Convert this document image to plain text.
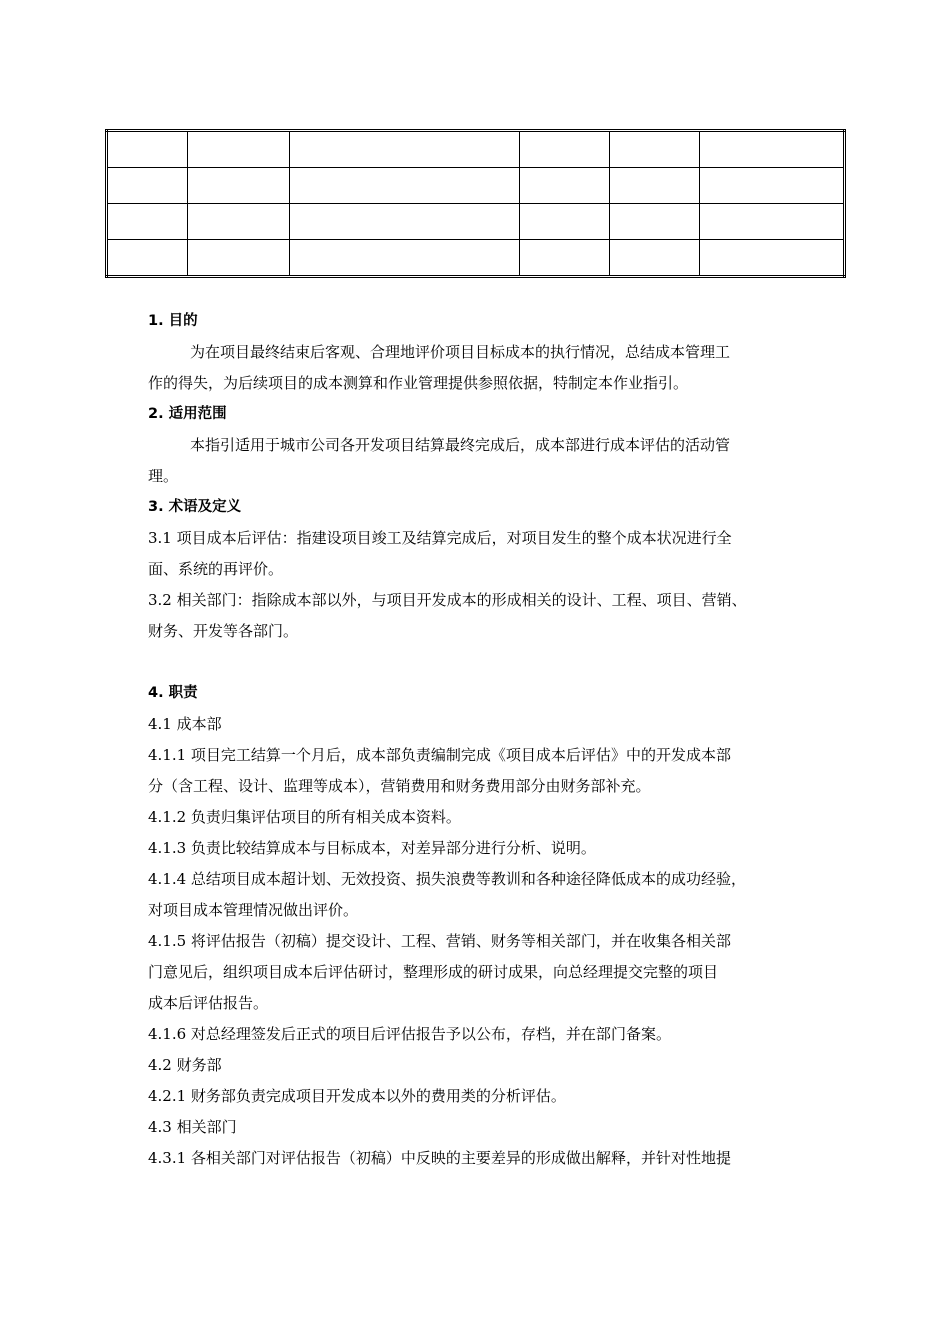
1. 目的
为在项目最终结束后客观、合理地评价项目目标成本的执行情况，总结成本管理工
作的得失，为后续项目的成本测算和作业管理提供参照依据，特制定本作业指引。
2. 适用范围
本指引适用于城市公司各开发项目结算最终完成后，成本部进行成本评估的活动管
理。
3. 术语及定义
3.1 项目成本后评估：指建设项目竣工及结算完成后，对项目发生的整个成本状况进行全
面、系统的再评价。
3.2 相关部门：指除成本部以外，与项目开发成本的形成相关的设计、工程、项目、营销、
财务、开发等各部门。
4. 职责
4.1 成本部
4.1.1 项目完工结算一个月后，成本部负责编制完成《项目成本后评估》中的开发成本部
分（含工程、设计、监理等成本），营销费用和财务费用部分由财务部补充。
4.1.2 负责归集评估项目的所有相关成本资料。
4.1.3 负责比较结算成本与目标成本，对差异部分进行分析、说明。
4.1.4 总结项目成本超计划、无效投资、损失浪费等教训和各种途径降低成本的成功经验，
对项目成本管理情况做出评价。
4.1.5 将评估报告（初稿）提交设计、工程、营销、财务等相关部门，并在收集各相关部
门意见后，组织项目成本后评估研讨，整理形成的研讨成果，向总经理提交完整的项目
成本后评估报告。
4.1.6 对总经理签发后正式的项目后评估报告予以公布，存档，并在部门备案。
4.2 财务部
4.2.1 财务部负责完成项目开发成本以外的费用类的分析评估。
4.3 相关部门
4.3.1 各相关部门对评估报告（初稿）中反映的主要差异的形成做出解释，并针对性地提
